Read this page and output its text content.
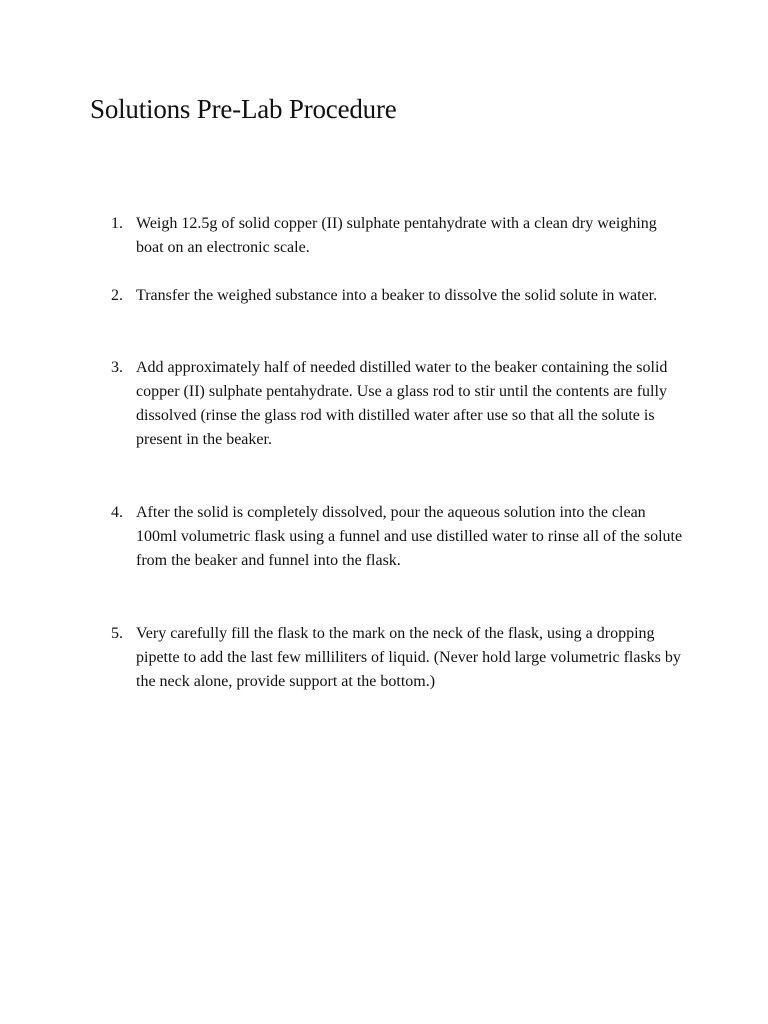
Solutions Pre-Lab Procedure
1. Weigh 12.5g of solid copper (II) sulphate pentahydrate with a clean dry weighing boat on an electronic scale.
2. Transfer the weighed substance into a beaker to dissolve the solid solute in water.
3. Add approximately half of needed distilled water to the beaker containing the solid copper (II) sulphate pentahydrate. Use a glass rod to stir until the contents are fully dissolved (rinse the glass rod with distilled water after use so that all the solute is present in the beaker.
4. After the solid is completely dissolved, pour the aqueous solution into the clean 100ml volumetric flask using a funnel and use distilled water to rinse all of the solute from the beaker and funnel into the flask.
5. Very carefully fill the flask to the mark on the neck of the flask, using a dropping pipette to add the last few milliliters of liquid. (Never hold large volumetric flasks by the neck alone, provide support at the bottom.)
